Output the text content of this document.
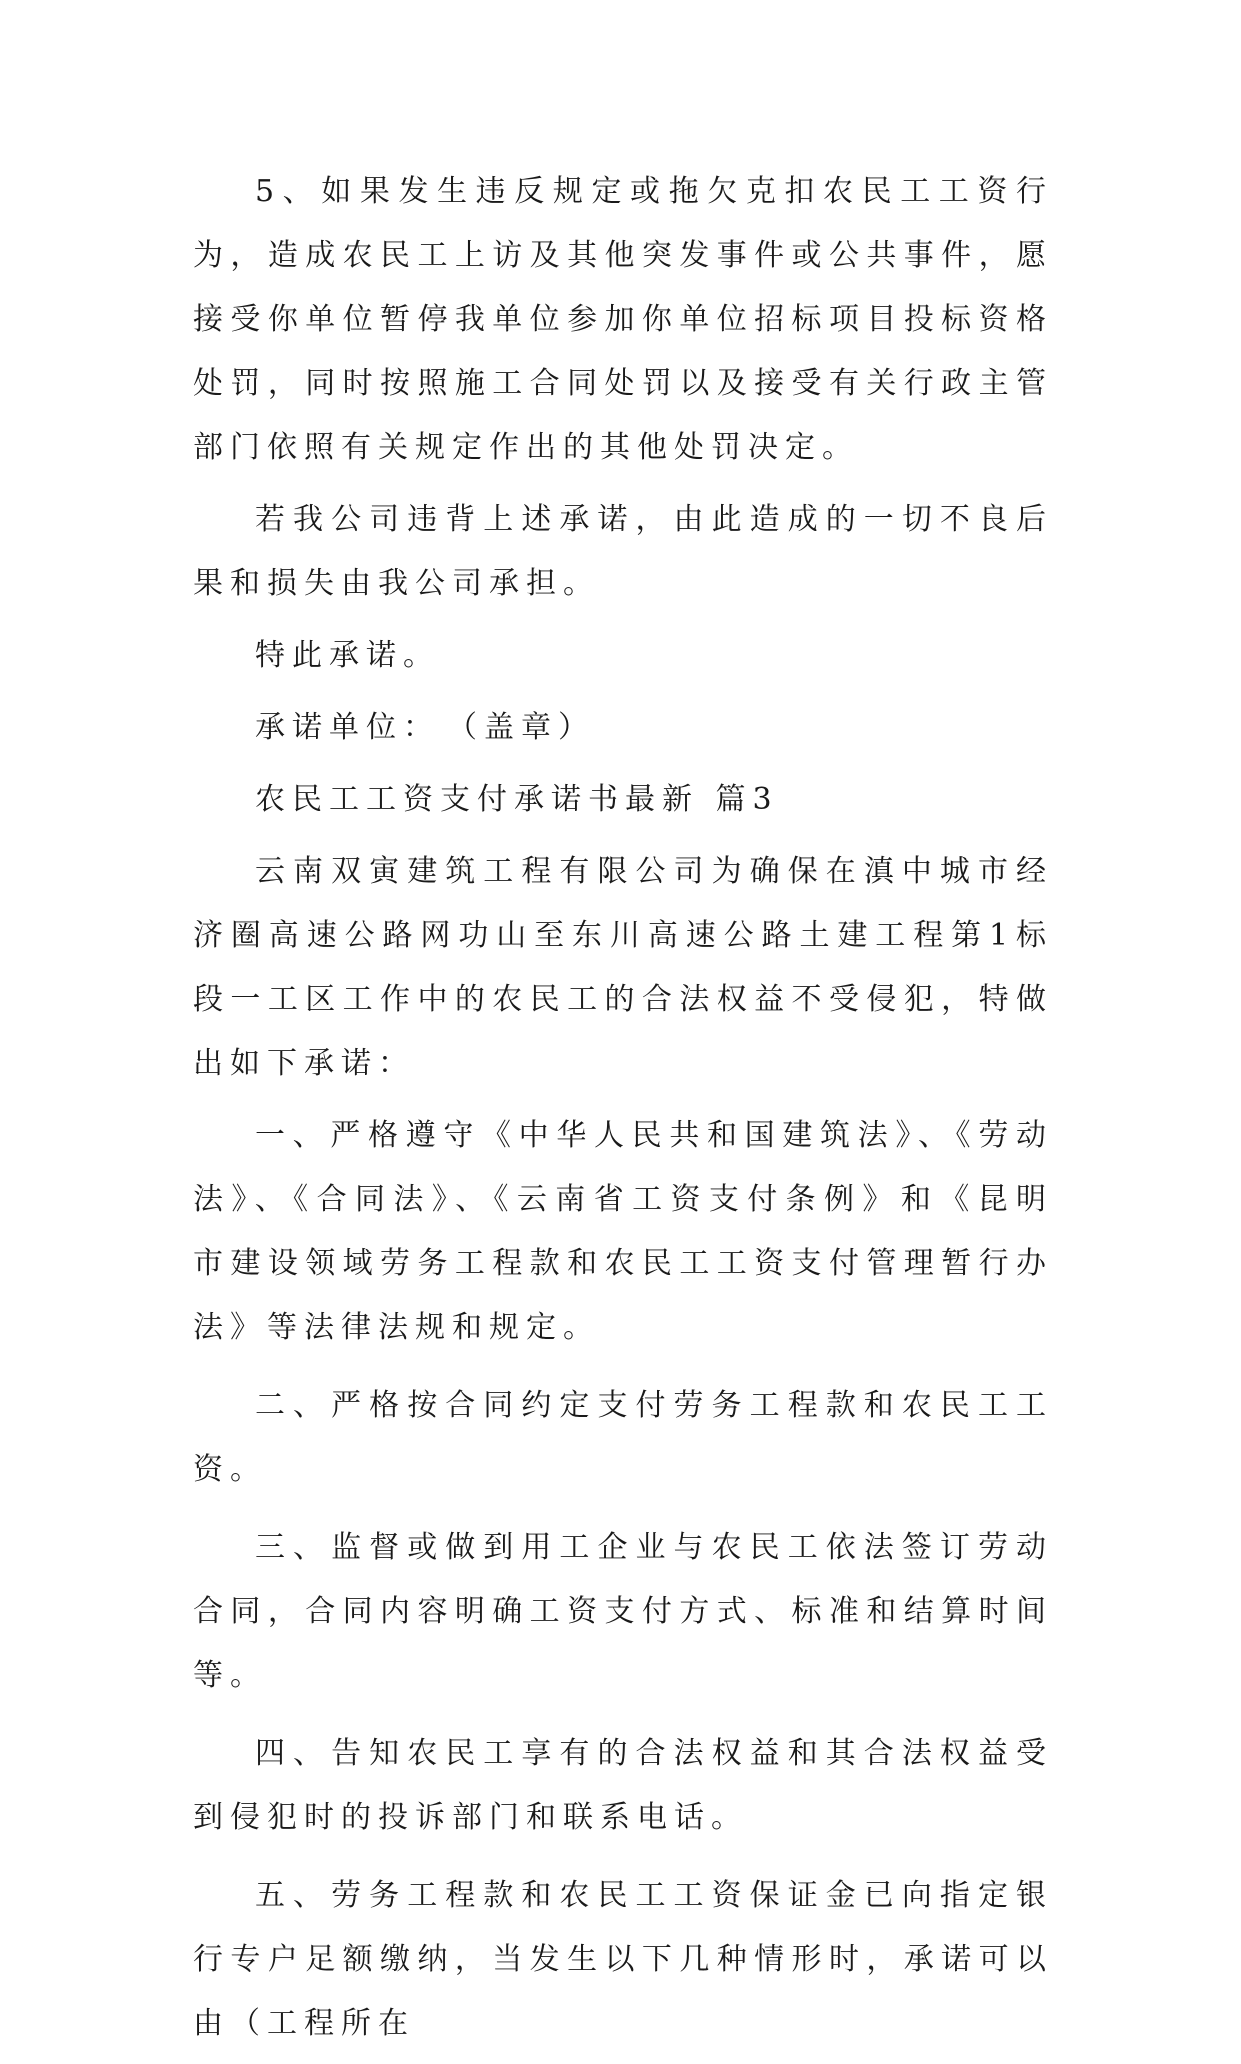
5、如果发生违反规定或拖欠克扣农民工工资行为，造成农民工上访及其他突发事件或公共事件，愿接受你单位暂停我单位参加你单位招标项目投标资格处罚，同时按照施工合同处罚以及接受有关行政主管部门依照有关规定作出的其他处罚决定。

若我公司违背上述承诺，由此造成的一切不良后果和损失由我公司承担。

特此承诺。

承诺单位：　（盖章）

农民工工资支付承诺书最新 篇3

云南双寅建筑工程有限公司为确保在滇中城市经济圈高速公路网功山至东川高速公路土建工程第1标段一工区工作中的农民工的合法权益不受侵犯，特做出如下承诺：

一、严格遵守《中华人民共和国建筑法》、《劳动法》、《合同法》、《云南省工资支付条例》和《昆明市建设领域劳务工程款和农民工工资支付管理暂行办法》等法律法规和规定。

二、严格按合同约定支付劳务工程款和农民工工资。

三、监督或做到用工企业与农民工依法签订劳动合同，合同内容明确工资支付方式、标准和结算时间等。

四、告知农民工享有的合法权益和其合法权益受到侵犯时的投诉部门和联系电话。

五、劳务工程款和农民工工资保证金已向指定银行专户足额缴纳，当发生以下几种情形时，承诺可以由（工程所在
